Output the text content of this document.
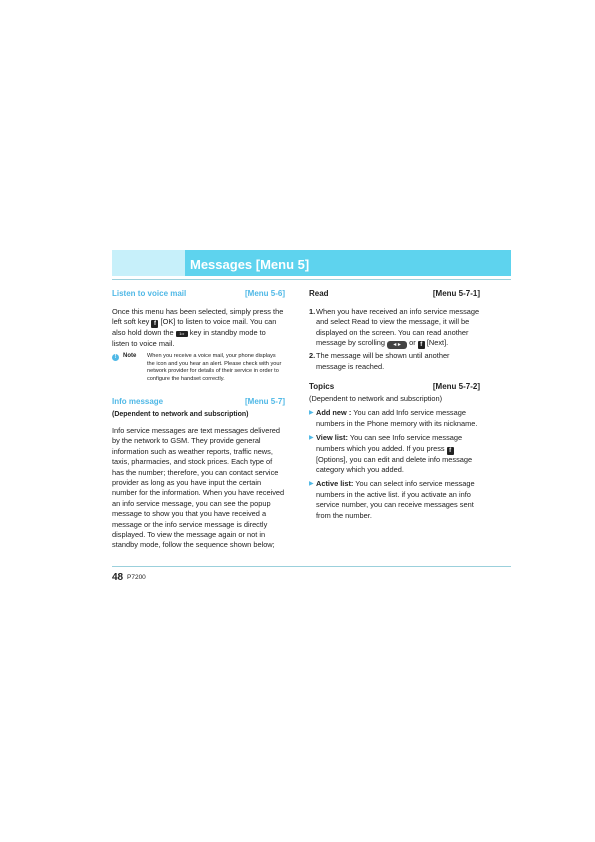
Messages [Menu 5]
Listen to voice mail	[Menu 5-6]

Once this menu has been selected, simply press the left soft key f [OK] to listen to voice mail. You can also hold down the 1•• key in standby mode to listen to voice mail.

!	Note	When you receive a voice mail, your phone displays the icon and you hear an alert. Please check with your network provider for details of their service in order to configure the handset correctly.
Info message	[Menu 5-7]

(Dependent to network and subscription)

Info service messages are text messages delivered by the network to GSM. They provide general information such as weather reports, traffic news, taxis, pharmacies, and stock prices. Each type of has the number; therefore, you can contact service provider as long as you have input the certain number for the information. When you have received an info service message, you can see the popup message to show you that you have received a message or the info service message is directly displayed. To view the message again or not in standby mode, follow the sequence shown below;

Read	[Menu 5-7-1]
1. When you have received an info service message and select Read to view the message, it will be displayed on the screen. You can read another message by scrolling ◂ ▸ or f [Next].
2. The message will be shown until another message is reached.
Topics	[Menu 5-7-2]

(Dependent to network and subscription)

▶ Add new : You can add Info service message numbers in the Phone memory with its nickname.
▶ View list: You can see Info service message numbers which you added. If you press f [Options], you can edit and delete info message category which you added.
▶ Active list: You can select info service message numbers in the active list. if you activate an info service number, you can receive messages sent from the number.
48 P7200
